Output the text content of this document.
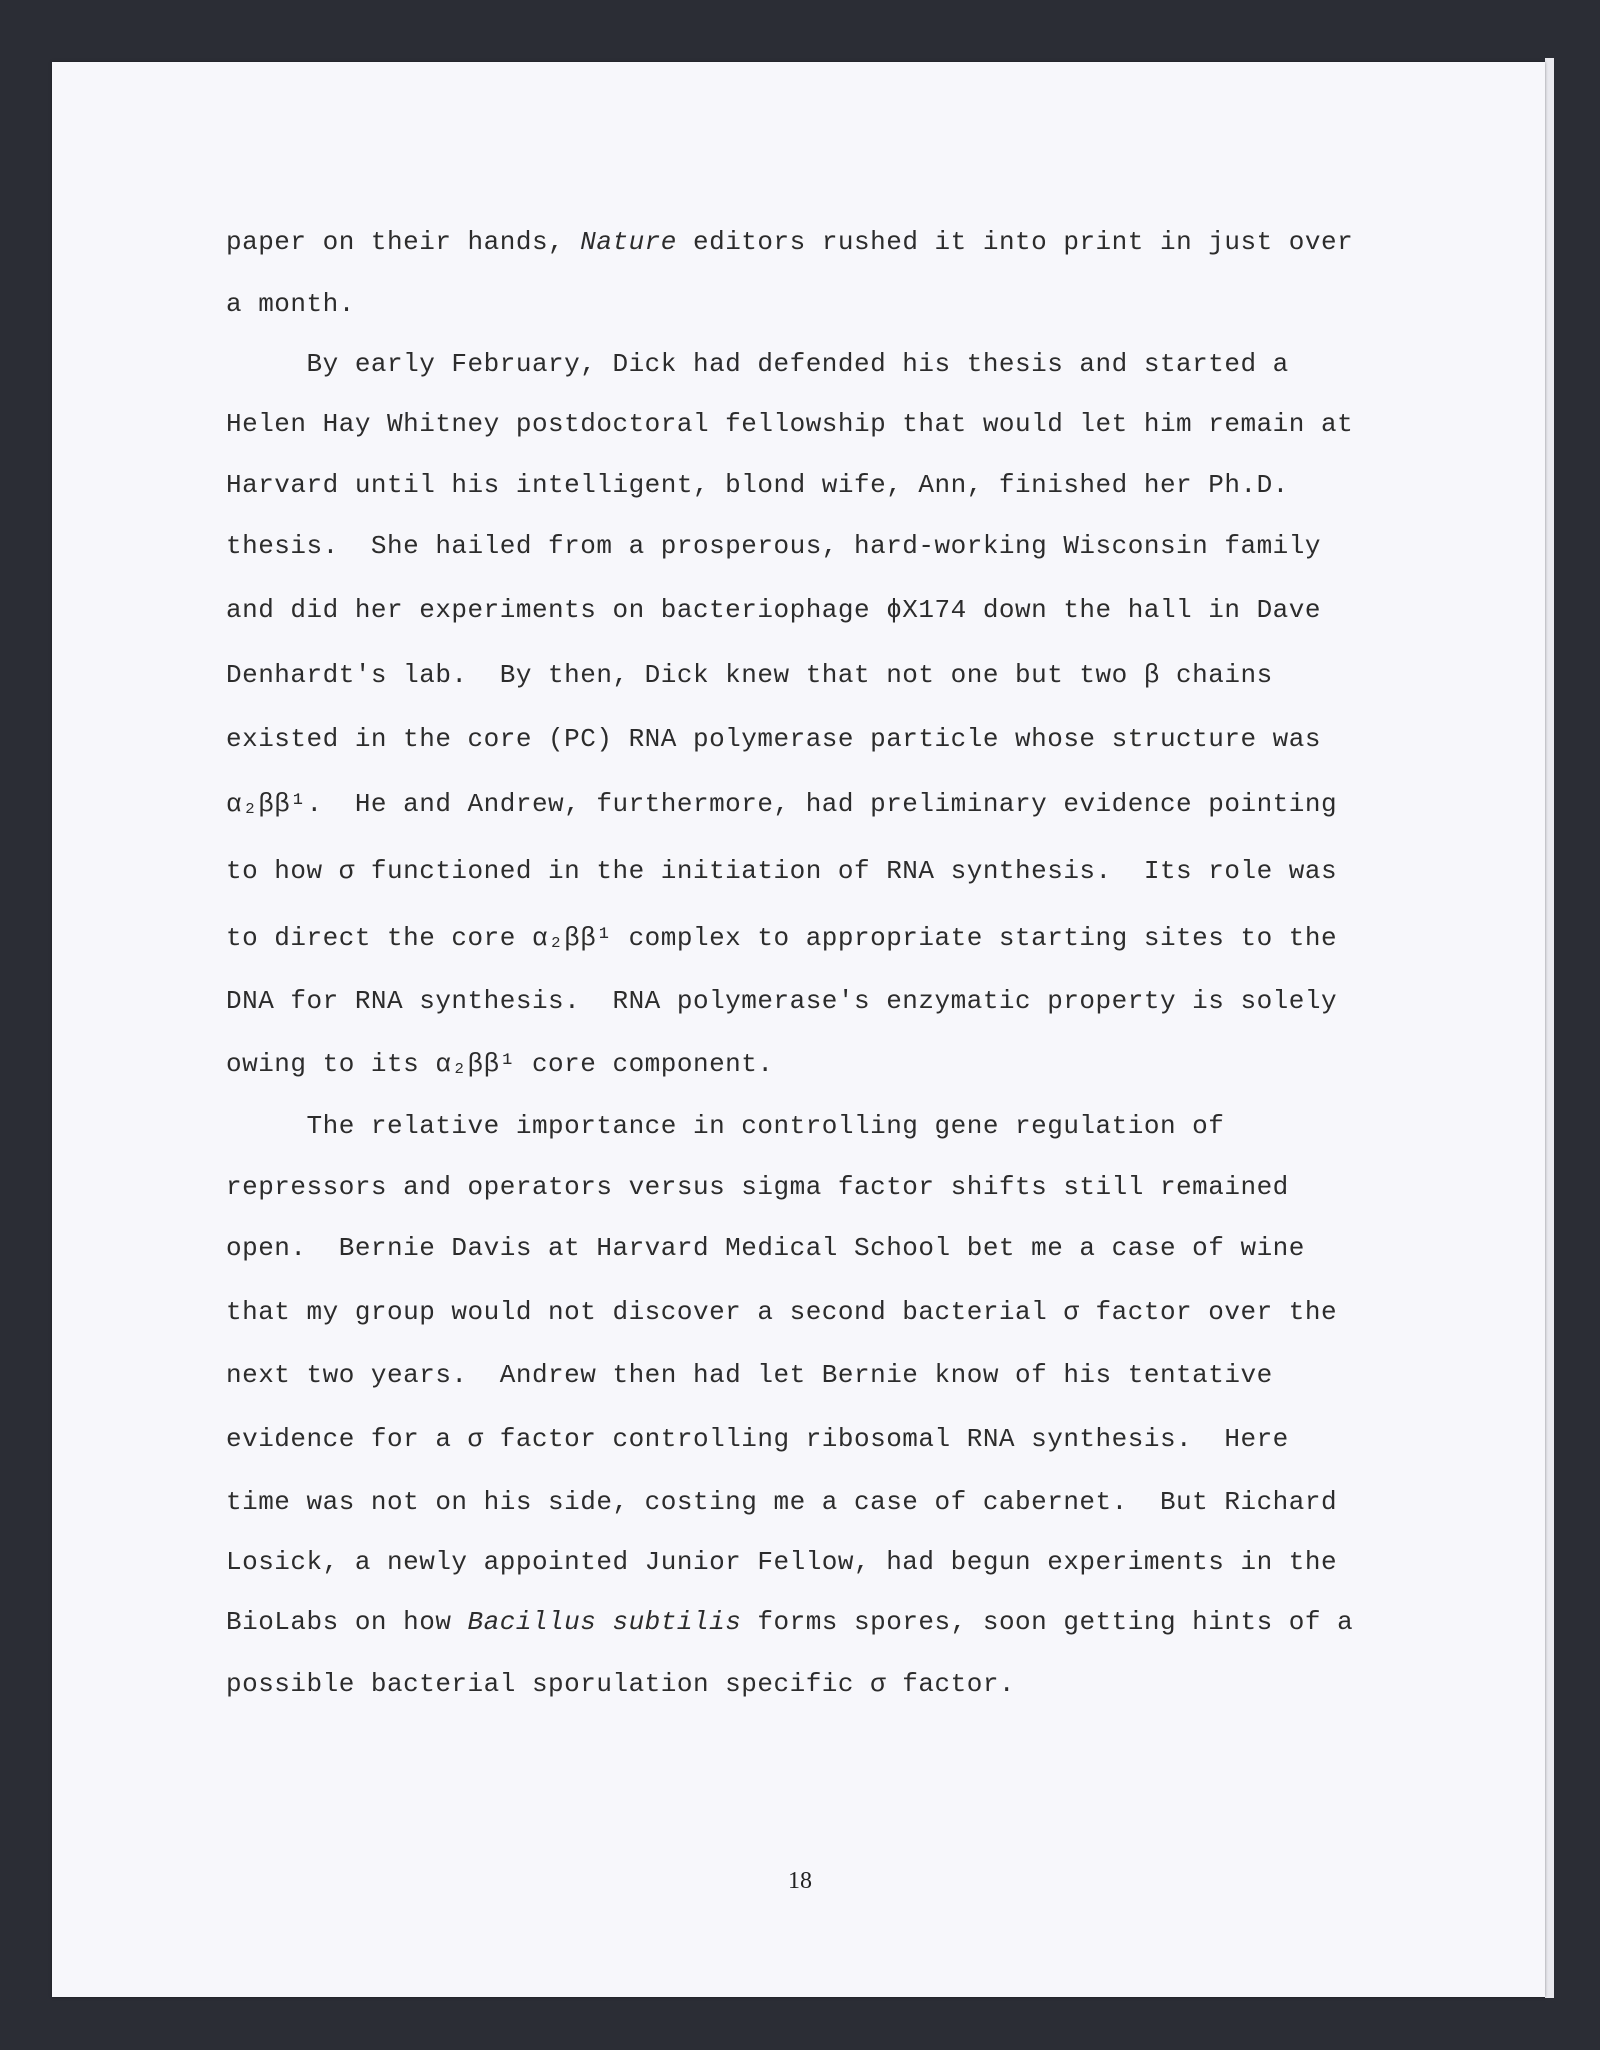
paper on their hands, Nature editors rushed it into print in just over
a month.
By early February, Dick had defended his thesis and started a
Helen Hay Whitney postdoctoral fellowship that would let him remain at
Harvard until his intelligent, blond wife, Ann, finished her Ph.D.
thesis.  She hailed from a prosperous, hard-working Wisconsin family
and did her experiments on bacteriophage ϕX174 down the hall in Dave
Denhardt's lab.  By then, Dick knew that not one but two β chains
existed in the core (PC) RNA polymerase particle whose structure was
α₂ββ¹.  He and Andrew, furthermore, had preliminary evidence pointing
to how σ functioned in the initiation of RNA synthesis.  Its role was
to direct the core α₂ββ¹ complex to appropriate starting sites to the
DNA for RNA synthesis.  RNA polymerase's enzymatic property is solely
owing to its α₂ββ¹ core component.
The relative importance in controlling gene regulation of
repressors and operators versus sigma factor shifts still remained
open.  Bernie Davis at Harvard Medical School bet me a case of wine
that my group would not discover a second bacterial σ factor over the
next two years.  Andrew then had let Bernie know of his tentative
evidence for a σ factor controlling ribosomal RNA synthesis.  Here
time was not on his side, costing me a case of cabernet.  But Richard
Losick, a newly appointed Junior Fellow, had begun experiments in the
BioLabs on how Bacillus subtilis forms spores, soon getting hints of a
possible bacterial sporulation specific σ factor.
18
